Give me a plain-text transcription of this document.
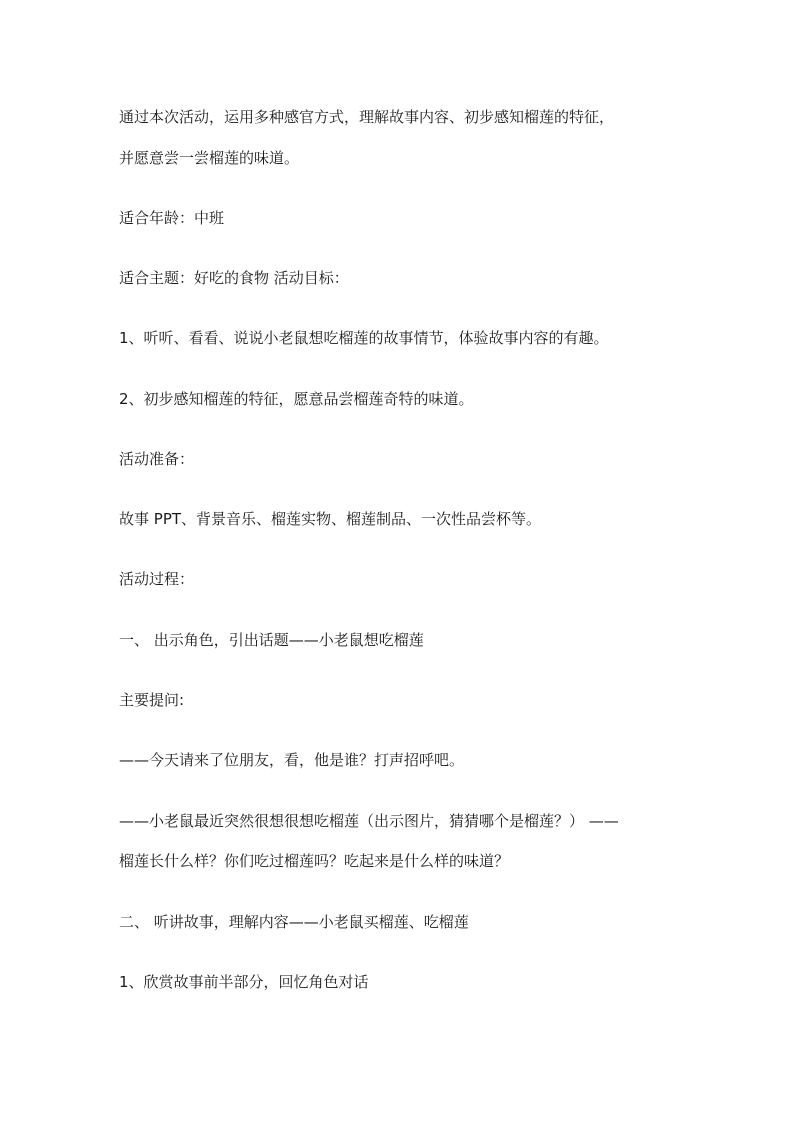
通过本次活动，运用多种感官方式，理解故事内容、初步感知榴莲的特征，
并愿意尝一尝榴莲的味道。
适合年龄：中班
适合主题：好吃的食物 活动目标：
1、听听、看看、说说小老鼠想吃榴莲的故事情节，体验故事内容的有趣。
2、初步感知榴莲的特征，愿意品尝榴莲奇特的味道。
活动准备：
故事 PPT、背景音乐、榴莲实物、榴莲制品、一次性品尝杯等。
活动过程：
一、 出示角色，引出话题——小老鼠想吃榴莲
主要提问:
——今天请来了位朋友，看，他是谁？打声招呼吧。
——小老鼠最近突然很想很想吃榴莲（出示图片，猜猜哪个是榴莲？） ——
榴莲长什么样？你们吃过榴莲吗？吃起来是什么样的味道？
二、 听讲故事，理解内容——小老鼠买榴莲、吃榴莲
1、欣赏故事前半部分，回忆角色对话
